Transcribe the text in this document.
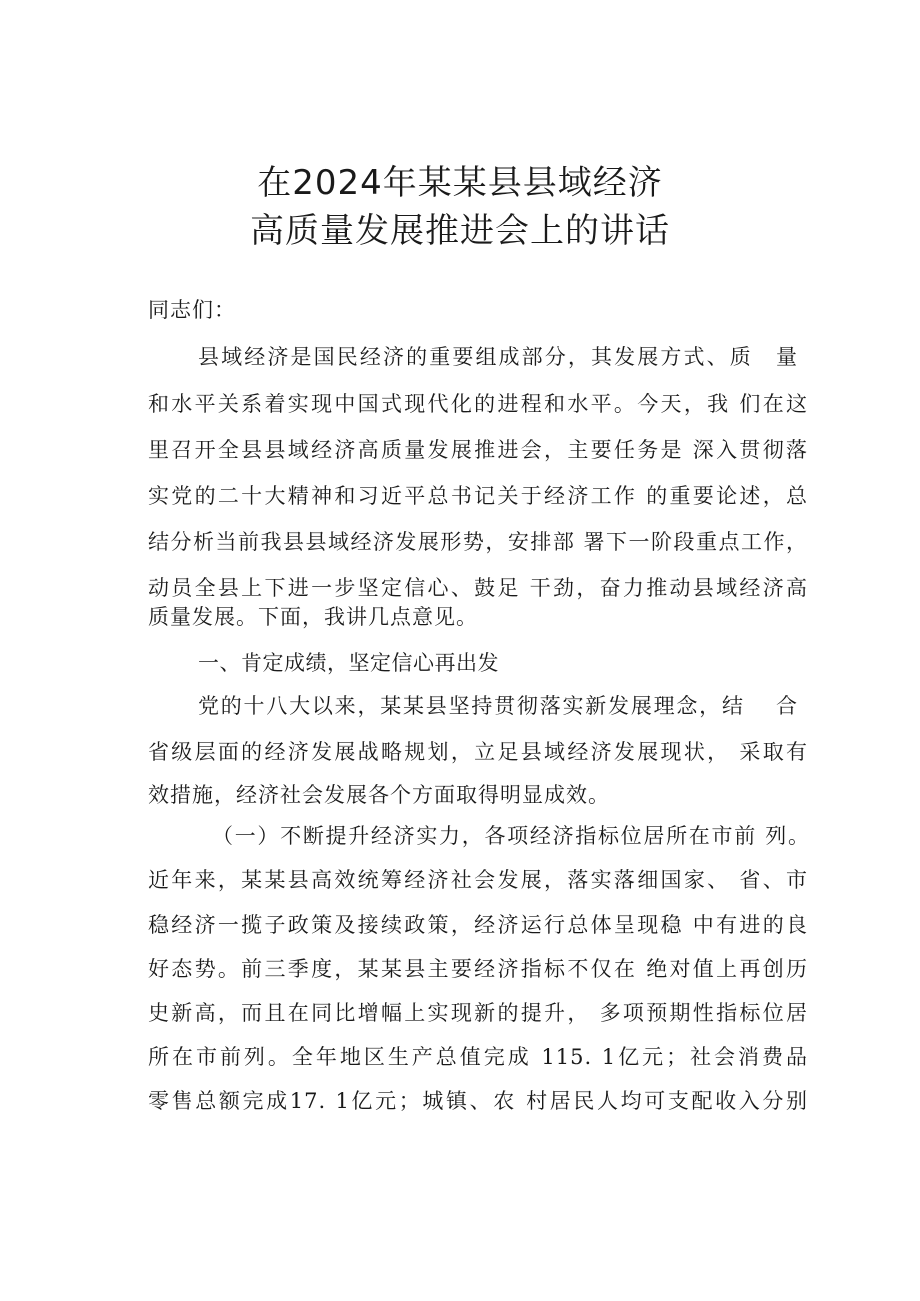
在2024年某某县县域经济
高质量发展推进会上的讲话
同志们：
县域经济是国民经济的重要组成部分，其发展方式、质　量
和水平关系着实现中国式现代化的进程和水平。今天，我 们在这
里召开全县县域经济高质量发展推进会，主要任务是 深入贯彻落
实党的二十大精神和习近平总书记关于经济工作 的重要论述，总
结分析当前我县县域经济发展形势，安排部 署下一阶段重点工作，
动员全县上下进一步坚定信心、鼓足 干劲，奋力推动县域经济高
质量发展。下面，我讲几点意见。
一、肯定成绩，坚定信心再出发
党的十八大以来，某某县坚持贯彻落实新发展理念，结　 合
省级层面的经济发展战略规划，立足县域经济发展现状， 采取有
效措施，经济社会发展各个方面取得明显成效。
（一）不断提升经济实力，各项经济指标位居所在市前 列。
近年来，某某县高效统筹经济社会发展，落实落细国家、 省、市
稳经济一揽子政策及接续政策，经济运行总体呈现稳 中有进的良
好态势。前三季度，某某县主要经济指标不仅在 绝对值上再创历
史新高，而且在同比增幅上实现新的提升， 多项预期性指标位居
所在市前列。全年地区生产总值完成 115. 1亿元；社会消费品
零售总额完成17. 1亿元；城镇、农 村居民人均可支配收入分别
